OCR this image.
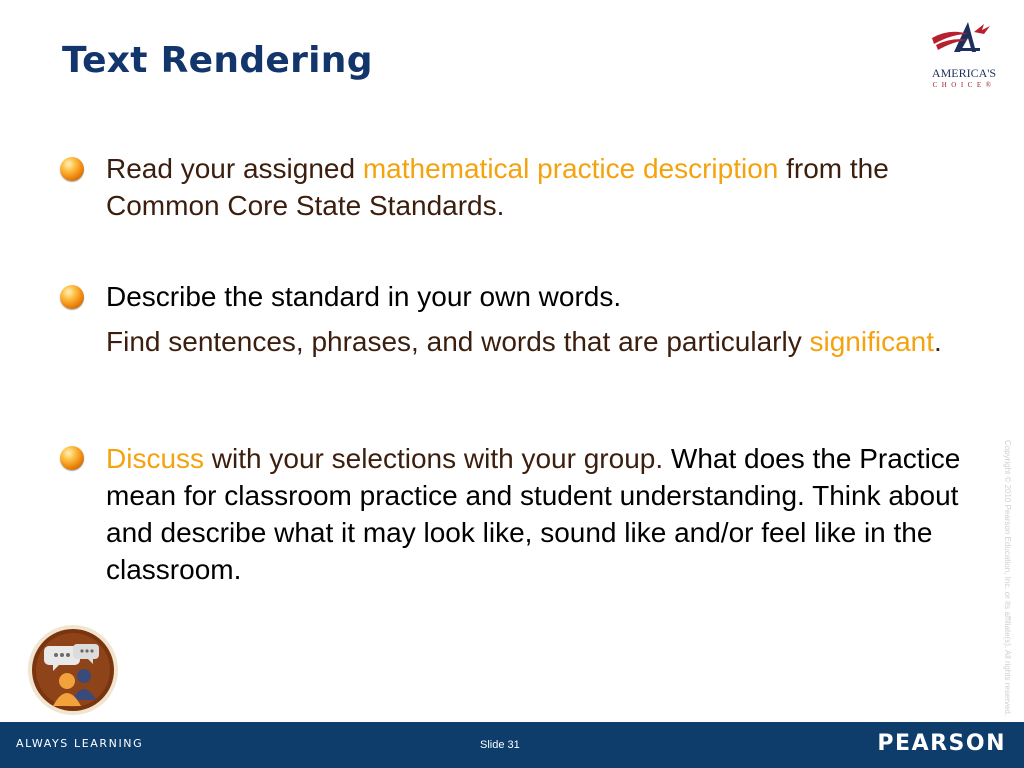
Text Rendering	AMERICA'S
CHOICE®
Read your assigned mathematical practice description from the Common Core State Standards.
Describe the standard in your own words.
Find sentences, phrases, and words that are particularly significant.
Discuss with your selections with your group. What does the Practice mean for classroom practice and student understanding. Think about and describe what it may look like, sound like and/or feel like in the classroom.	Copyright © 2010 Pearson Education, Inc. or its affiliate(s). All rights reserved.
ALWAYS LEARNING	Slide 31	PEARSON
